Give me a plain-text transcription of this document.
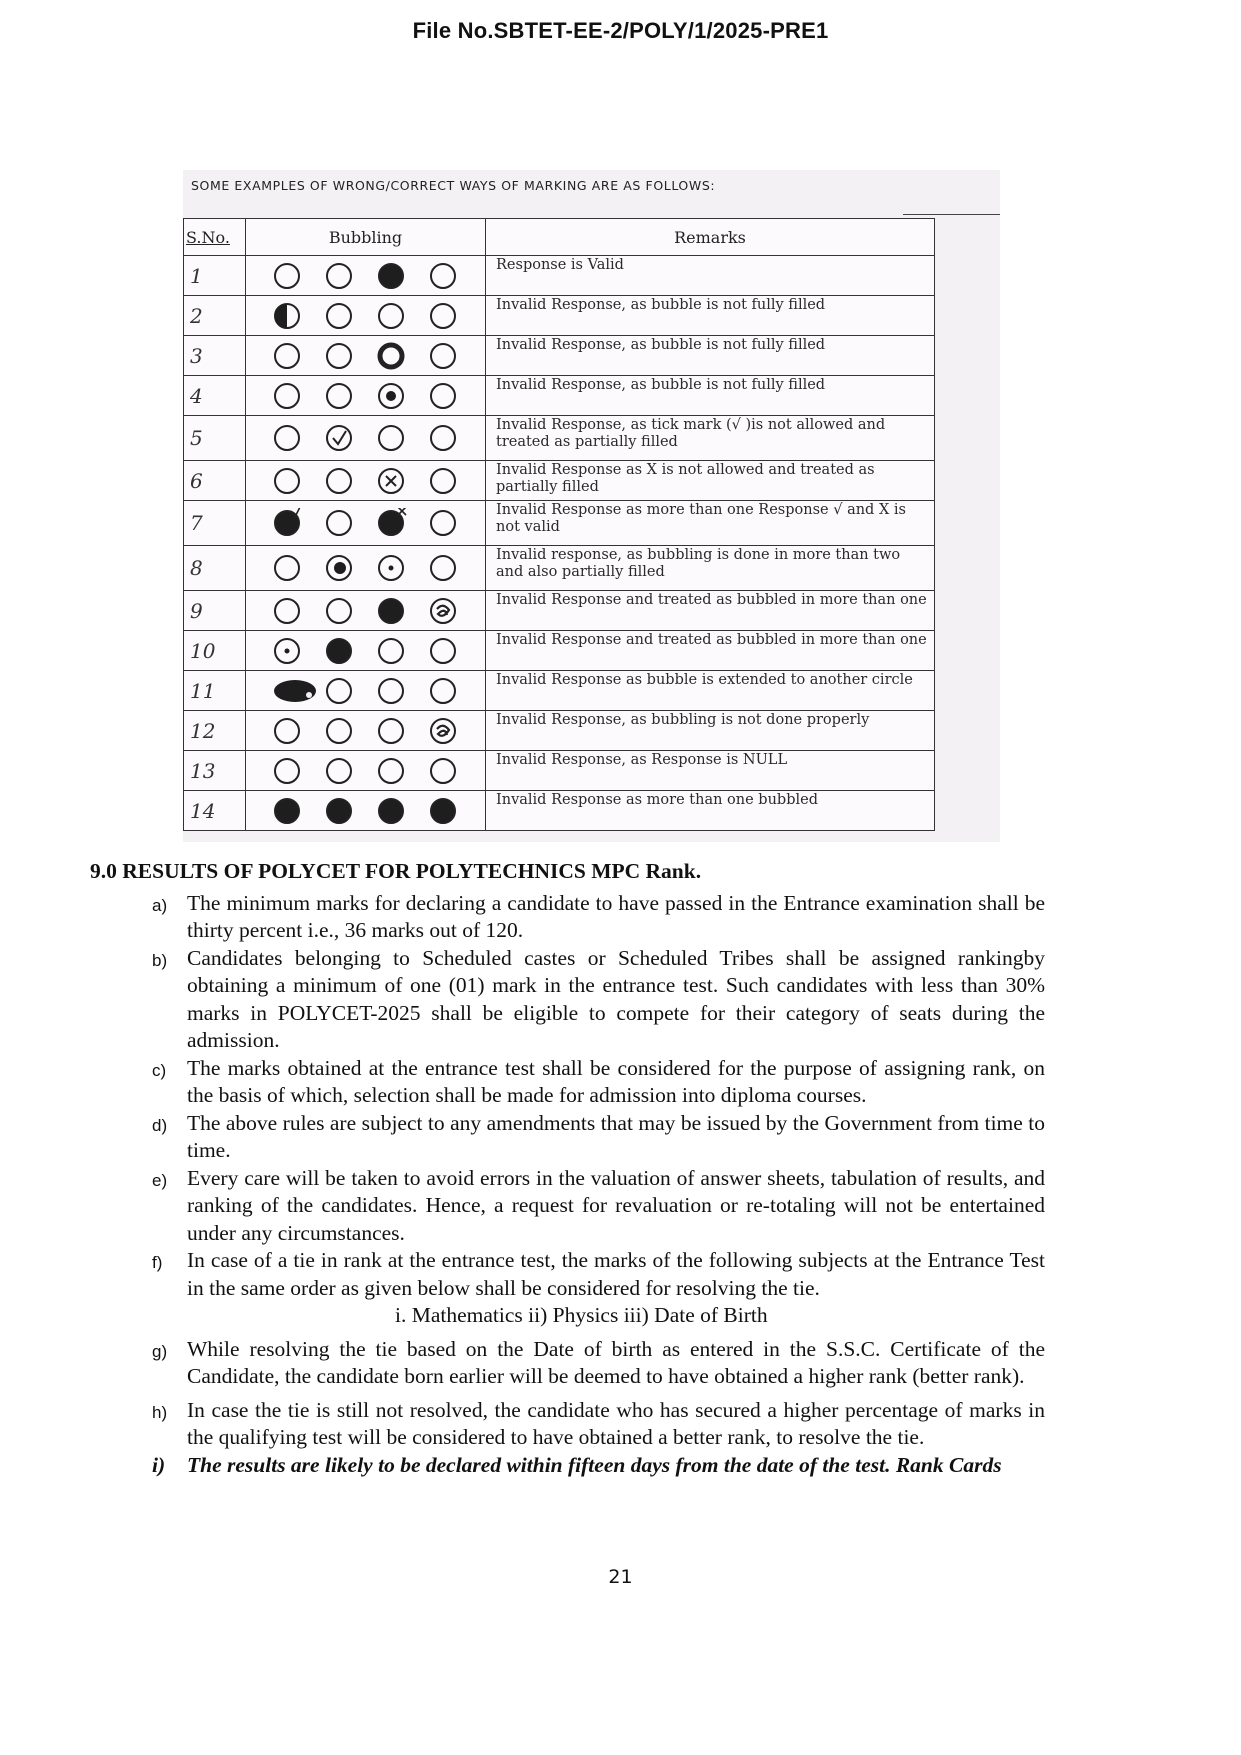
File No.SBTET-EE-2/POLY/1/2025-PRE1
SOME EXAMPLES OF WRONG/CORRECT WAYS OF MARKING ARE AS FOLLOWS:
S.No.	Bubbling	Remarks
1		Response is Valid
2		Invalid Response, as bubble is not fully filled
3		Invalid Response, as bubble is not fully filled
4		Invalid Response, as bubble is not fully filled
5		Invalid Response, as tick mark (√ )is not allowed and treated as partially filled
6		Invalid Response as X is not allowed and treated as partially filled
7		Invalid Response as more than one Response √ and X is not valid
8		Invalid response, as bubbling is done in more than two and also partially filled
9		Invalid Response and treated as bubbled in more than one
10		Invalid Response and treated as bubbled in more than one
11		Invalid Response as bubble is extended to another circle
12		Invalid Response, as bubbling is not done properly
13		Invalid Response, as Response is NULL
14		Invalid Response as more than one bubbled
9.0 RESULTS OF POLYCET FOR POLYTECHNICS MPC Rank.
a) The minimum marks for declaring a candidate to have passed in the Entrance examination shall be thirty percent i.e., 36 marks out of 120.
b) Candidates belonging to Scheduled castes or Scheduled Tribes shall be assigned rankingby obtaining a minimum of one (01) mark in the entrance test. Such candidates with less than 30% marks in POLYCET-2025 shall be eligible to compete for their category of seats during the admission.
c) The marks obtained at the entrance test shall be considered for the purpose of assigning rank, on the basis of which, selection shall be made for admission into diploma courses.
d) The above rules are subject to any amendments that may be issued by the Government from time to time.
e) Every care will be taken to avoid errors in the valuation of answer sheets, tabulation of results, and ranking of the candidates. Hence, a request for revaluation or re-totaling will not be entertained under any circumstances.
f)	In case of a tie in rank at the entrance test, the marks of the following subjects at the Entrance Test in the same order as given below shall be considered for resolving the tie.
i. Mathematics ii) Physics iii) Date of Birth
g) While resolving the tie based on the Date of birth as entered in the S.S.C. Certificate of the Candidate, the candidate born earlier will be deemed to have obtained a higher rank (better rank).
h) In case the tie is still not resolved, the candidate who has secured a higher percentage of marks in the qualifying test will be considered to have obtained a better rank, to resolve the tie.
i)	The results are likely to be declared within fifteen days from the date of the test. Rank Cards
21
